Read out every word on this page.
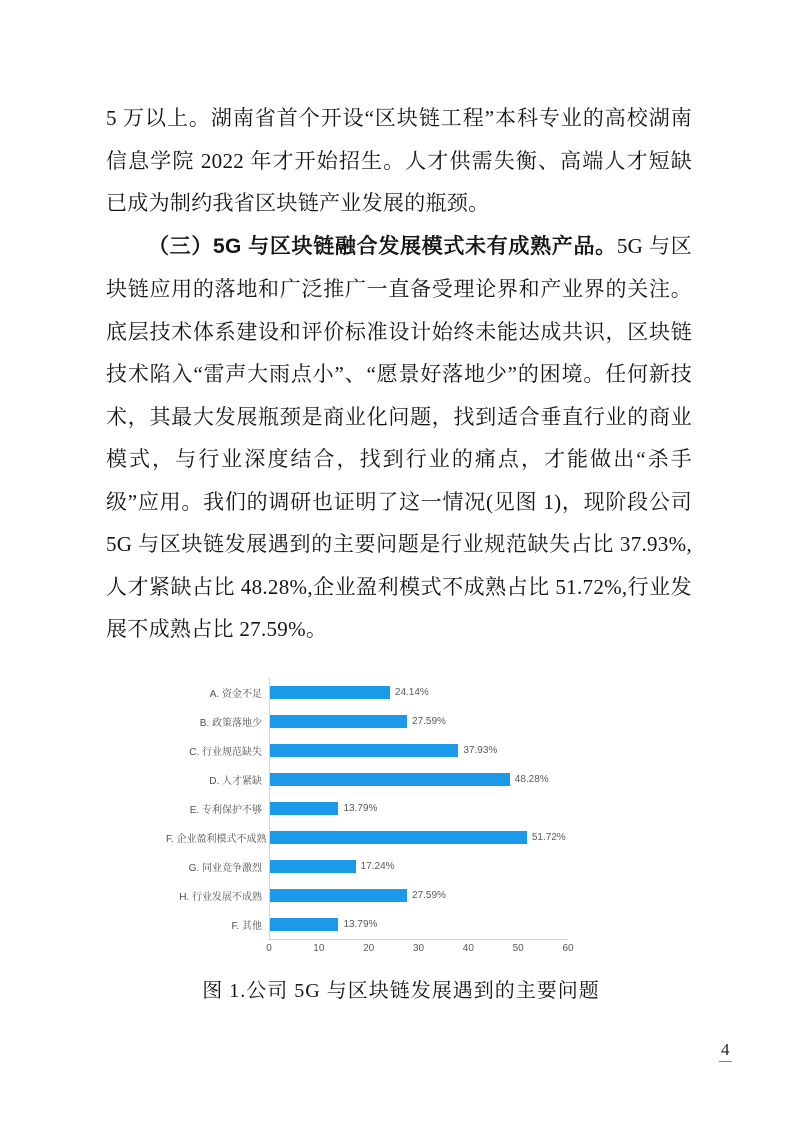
5 万以上。湖南省首个开设“区块链工程”本科专业的高校湖南信息学院 2022 年才开始招生。人才供需失衡、高端人才短缺已成为制约我省区块链产业发展的瓶颈。

（三）5G 与区块链融合发展模式未有成熟产品。5G 与区块链应用的落地和广泛推广一直备受理论界和产业界的关注。底层技术体系建设和评价标准设计始终未能达成共识，区块链技术陷入“雷声大雨点小”、“愿景好落地少”的困境。任何新技术，其最大发展瓶颈是商业化问题，找到适合垂直行业的商业模式，与行业深度结合，找到行业的痛点，才能做出“杀手级”应用。我们的调研也证明了这一情况(见图 1)，现阶段公司 5G 与区块链发展遇到的主要问题是行业规范缺失占比 37.93%,人才紧缺占比 48.28%,企业盈利模式不成熟占比 51.72%,行业发展不成熟占比 27.59%。

A. 资金不足	24.14%
B. 政策落地少	27.59%
C. 行业规范缺失	37.93%
D. 人才紧缺	48.28%
E. 专利保护不够	13.79%
F. 企业盈利模式不成熟	51.72%
G. 同业竞争激烈	17.24%
H. 行业发展不成熟	27.59%
F. 其他	13.79%
0	10	20	30	40	50	60
图 1.公司 5G 与区块链发展遇到的主要问题
4
